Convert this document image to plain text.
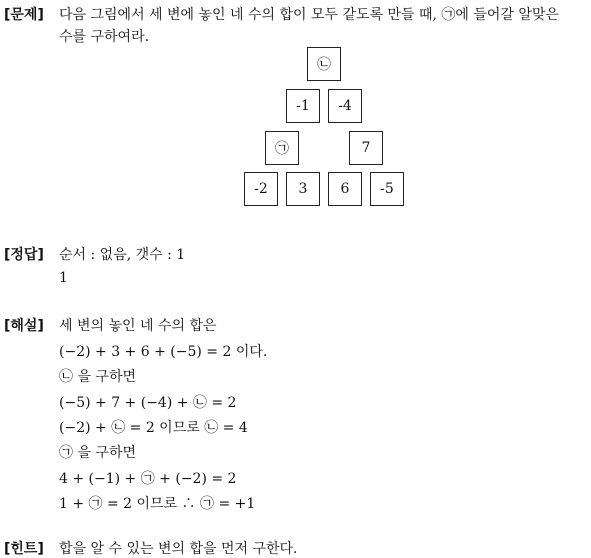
[문제] 다음 그림에서 세 변에 놓인 네 수의 합이 모두 같도록 만들 때, ㉠에 들어갈 알맞은
수를 구하여라.
㉡
-1	-4
㉠	7
-2	3	6	-5
[정답] 순서 : 없음, 갯수 : 1
1
[해설] 세 변의 놓인 네 수의 합은
(−2) + 3 + 6 + (−5) = 2 이다.
㉡ 을 구하면
(−5) + 7 + (−4) + ㉡ = 2
(−2) + ㉡ = 2 이므로 ㉡ = 4
㉠ 을 구하면
4 + (−1) + ㉠ + (−2) = 2
1 + ㉠ = 2 이므로 ∴ ㉠ = +1
[힌트] 합을 알 수 있는 변의 합을 먼저 구한다.
